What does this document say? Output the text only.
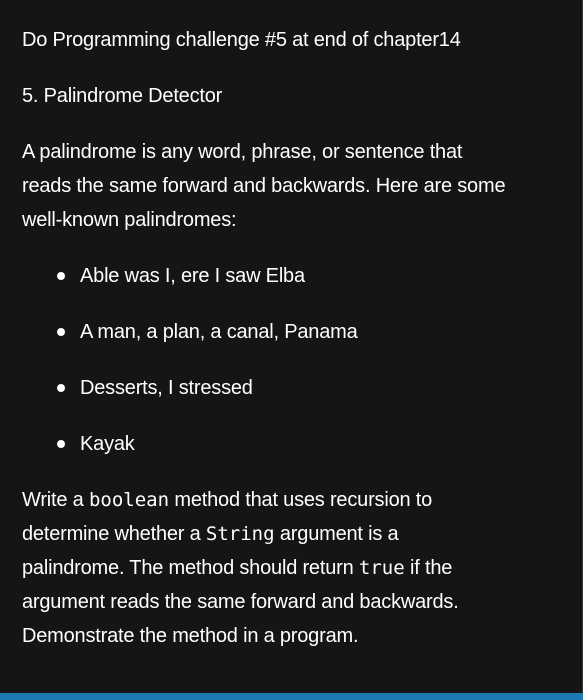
Do Programming challenge #5 at end of chapter14

5. Palindrome Detector

A palindrome is any word, phrase, or sentence that

reads the same forward and backwards. Here are some

well-known palindromes:

Able was I, ere I saw Elba
A man, a plan, a canal, Panama
Desserts, I stressed
Kayak

Write a boolean method that uses recursion to

determine whether a String argument is a

palindrome. The method should return true if the

argument reads the same forward and backwards.

Demonstrate the method in a program.
